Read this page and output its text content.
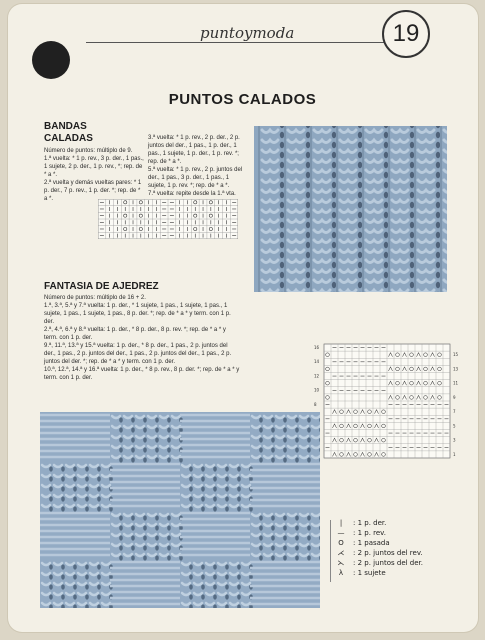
puntoymoda	19
PUNTOS CALADOS
BANDAS
CALADAS
Número de puntos: múltiplo de 9.
1.ª vuelta: * 1 p. rev., 3 p. der., 1 pas., 1 sujete, 2 p. der., 1 p. rev., *; rep. de * a *.
2.ª vuelta y demás vueltas pares: * 1 p. der., 7 p. rev., 1 p. der. *; rep. de * a *.
3.ª vuelta: * 1 p. rev., 2 p. der., 2 p. juntos del der., 1 pas., 1 p. der., 1 pas., 1 sujete, 1 p. der., 1 p. rev. *; rep. de * a *.
5.ª vuelta: * 1 p. rev., 2 p. juntos del der., 1 pas., 3 p. der., 1 pas., 1 sujete, 1 p. rev. *; rep. de * a *.
7.ª vuelta: repite desde la 1.ª vta.
FANTASIA DE AJEDREZ
Número de puntos: múltiplo de 16 + 2.
1.ª, 3.ª, 5.ª y 7.ª vuelta: 1 p. der., * 1 sujete, 1 pas., 1 sujete, 1 pas., 1 sujete, 1 pas., 1 sujete, 1 pas., 8 p. der. *; rep. de * a * y term. con 1 p. der.
2.ª, 4.ª, 6.ª y 8.ª vuelta: 1 p. der., * 8 p. der., 8 p. rev. *; rep. de * a * y term. con 1 p. der.
9.ª, 11.ª, 13.ª y 15.ª vuelta: 1 p. der., * 8 p. der., 1 pas., 2 p. juntos del der., 1 pas., 2 p. juntos del der., 1 pas., 2 p. juntos del der., 1 pas., 2 p. juntos del der. *; rep. de * a * y term. con 1 p. der.
10.ª, 12.ª, 14.ª y 16.ª vuelta: 1 p. der., * 8 p. rev., 8 p. der. *; rep. de * a * y term. con 1 p. der.
16
15
14
13
12
11
10
9
8
7
5
3
1
|	: 1 p. der.
—	: 1 p. rev.
O	: 1 pasada
⋌	: 2 p. juntos del rev.
⋋	: 2 p. juntos del der.
λ	: 1 sujete
